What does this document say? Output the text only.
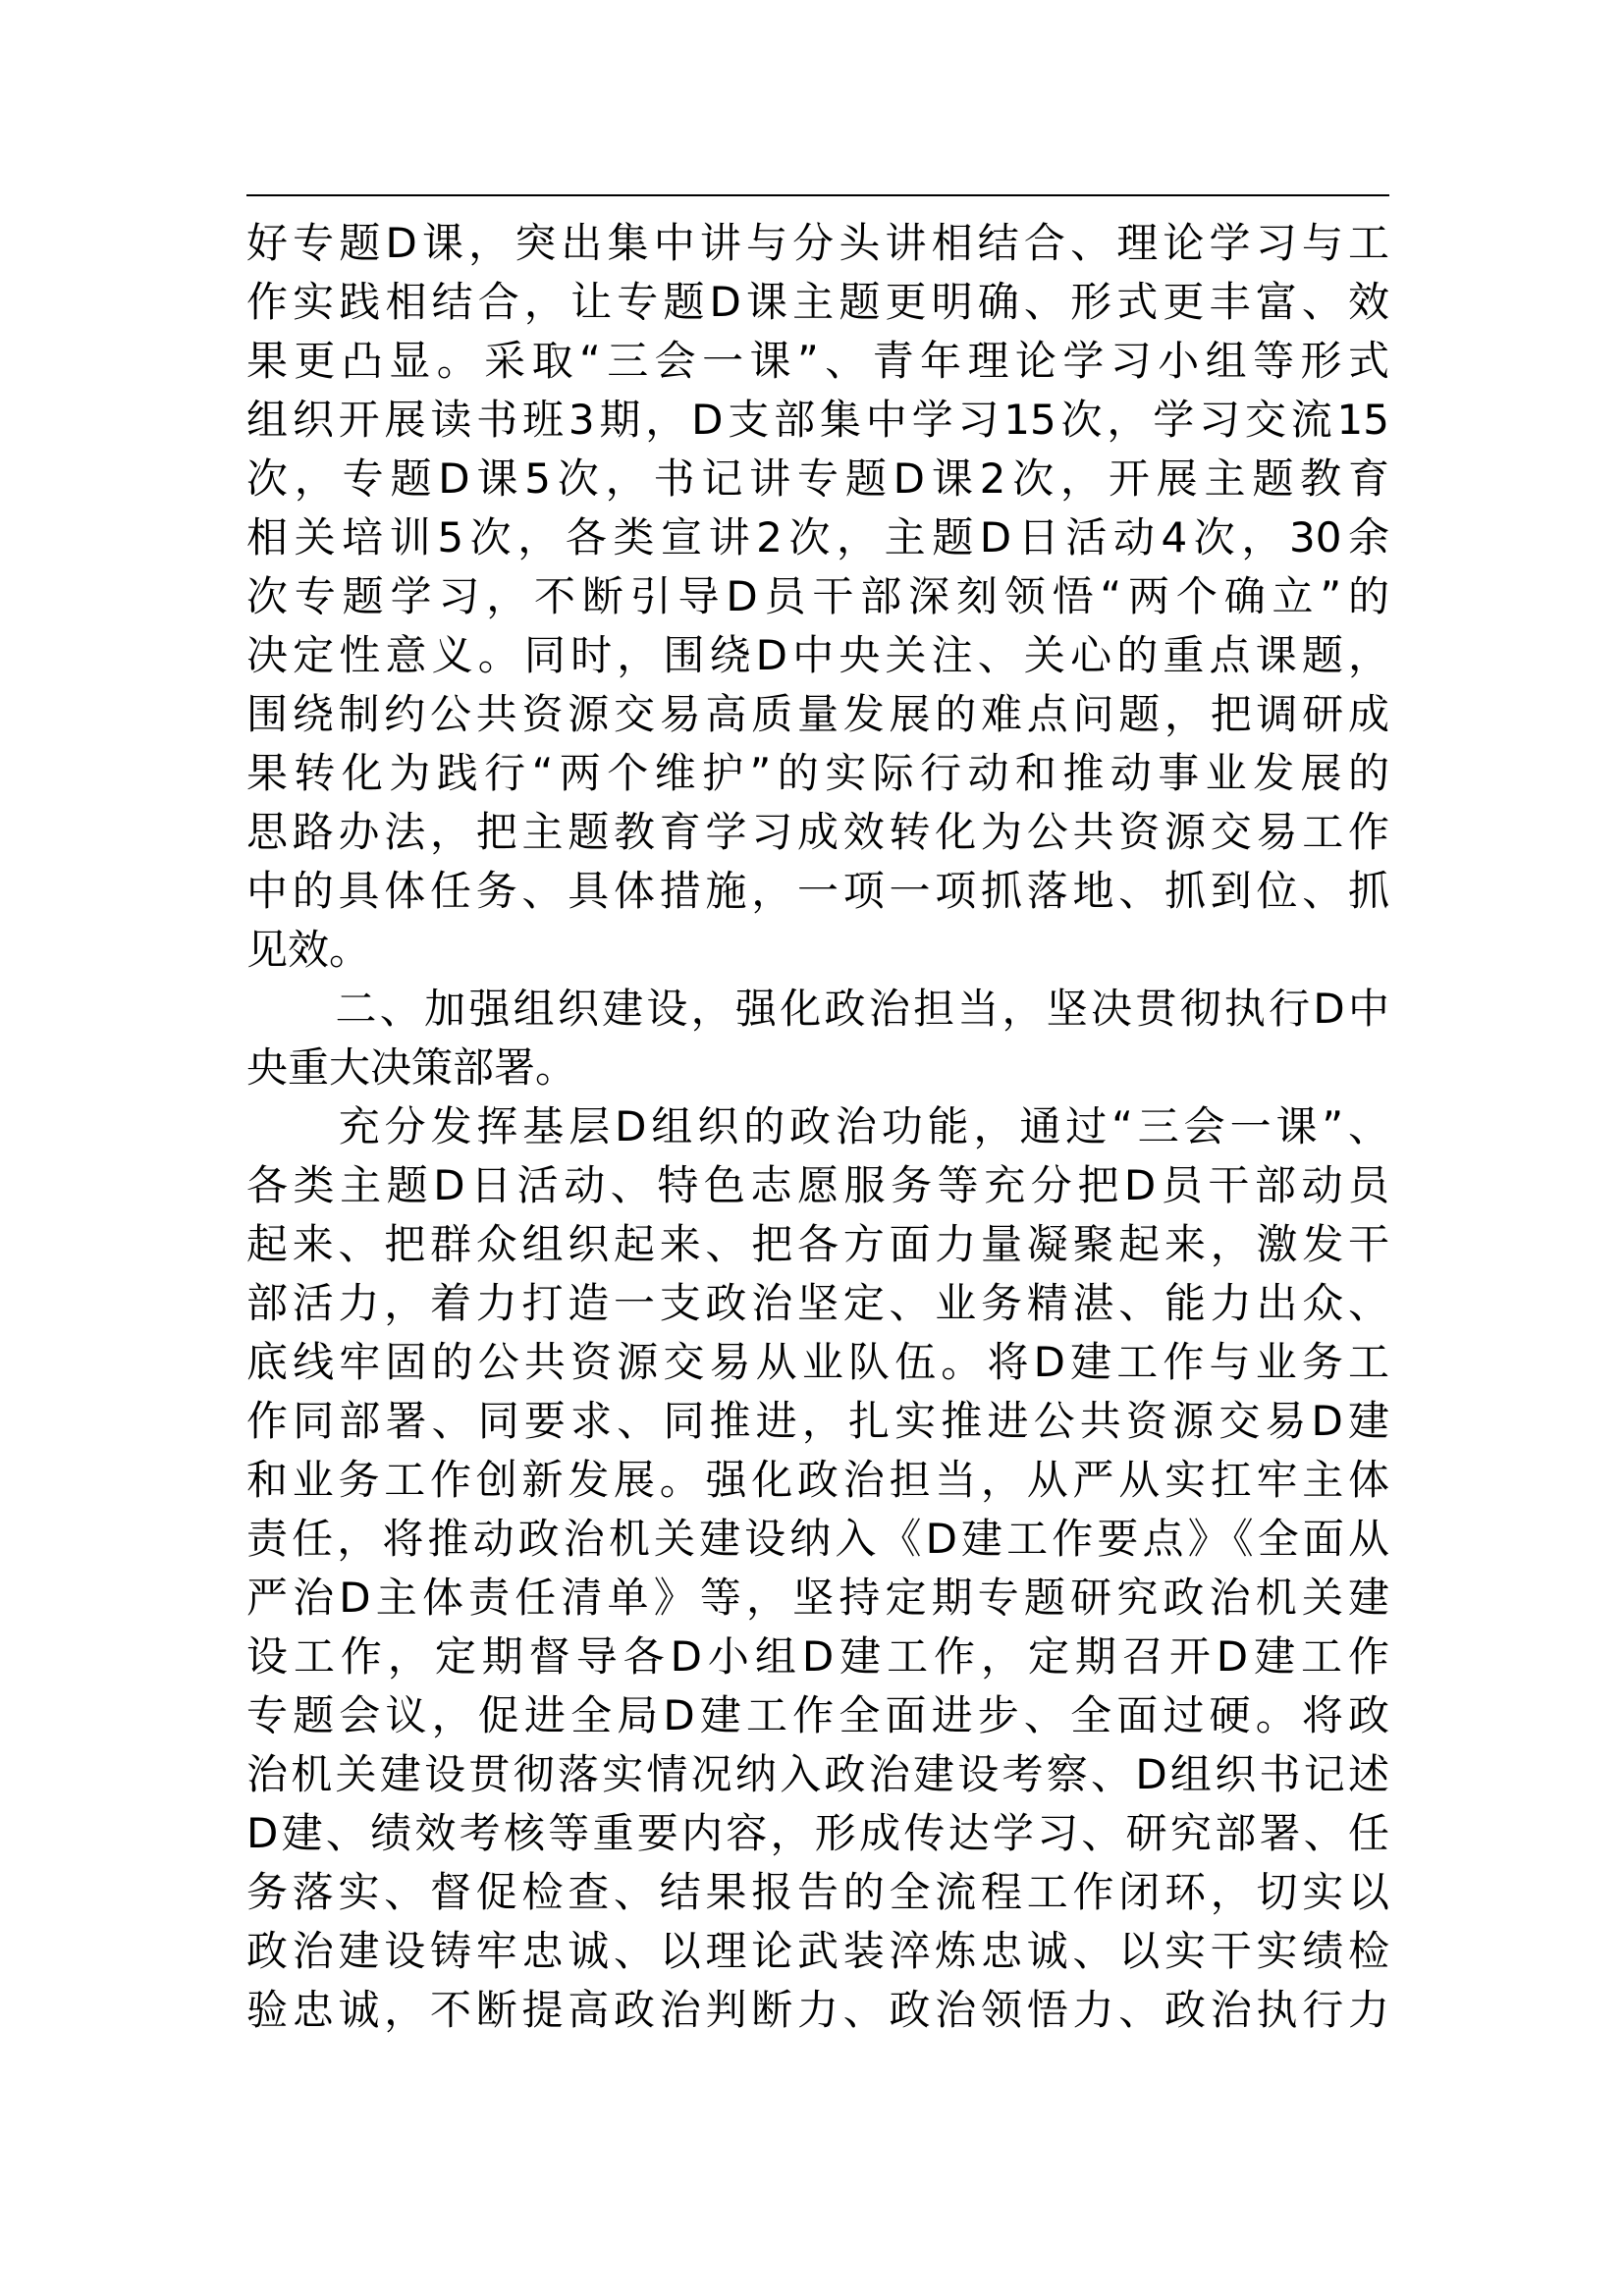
好专题D课，突出集中讲与分头讲相结合、理论学习与工
作实践相结合，让专题D课主题更明确、形式更丰富、效
果更凸显。采取“三会一课”、青年理论学习小组等形式
组织开展读书班3期，D支部集中学习15次，学习交流15
次，专题D课5次，书记讲专题D课2次，开展主题教育
相关培训5次，各类宣讲2次，主题D日活动4次，30余
次专题学习，不断引导D员干部深刻领悟“两个确立”的
决定性意义。同时，围绕D中央关注、关心的重点课题，
围绕制约公共资源交易高质量发展的难点问题，把调研成
果转化为践行“两个维护”的实际行动和推动事业发展的
思路办法，把主题教育学习成效转化为公共资源交易工作
中的具体任务、具体措施，一项一项抓落地、抓到位、抓
见效。
　　二、加强组织建设，强化政治担当，坚决贯彻执行D中
央重大决策部署。
　　充分发挥基层D组织的政治功能，通过“三会一课”、
各类主题D日活动、特色志愿服务等充分把D员干部动员
起来、把群众组织起来、把各方面力量凝聚起来，激发干
部活力，着力打造一支政治坚定、业务精湛、能力出众、
底线牢固的公共资源交易从业队伍。将D建工作与业务工
作同部署、同要求、同推进，扎实推进公共资源交易D建
和业务工作创新发展。强化政治担当，从严从实扛牢主体
责任，将推动政治机关建设纳入《D建工作要点》《全面从
严治D主体责任清单》等，坚持定期专题研究政治机关建
设工作，定期督导各D小组D建工作，定期召开D建工作
专题会议，促进全局D建工作全面进步、全面过硬。将政
治机关建设贯彻落实情况纳入政治建设考察、D组织书记述
D建、绩效考核等重要内容，形成传达学习、研究部署、任
务落实、督促检查、结果报告的全流程工作闭环，切实以
政治建设铸牢忠诚、以理论武装淬炼忠诚、以实干实绩检
验忠诚，不断提高政治判断力、政治领悟力、政治执行力
